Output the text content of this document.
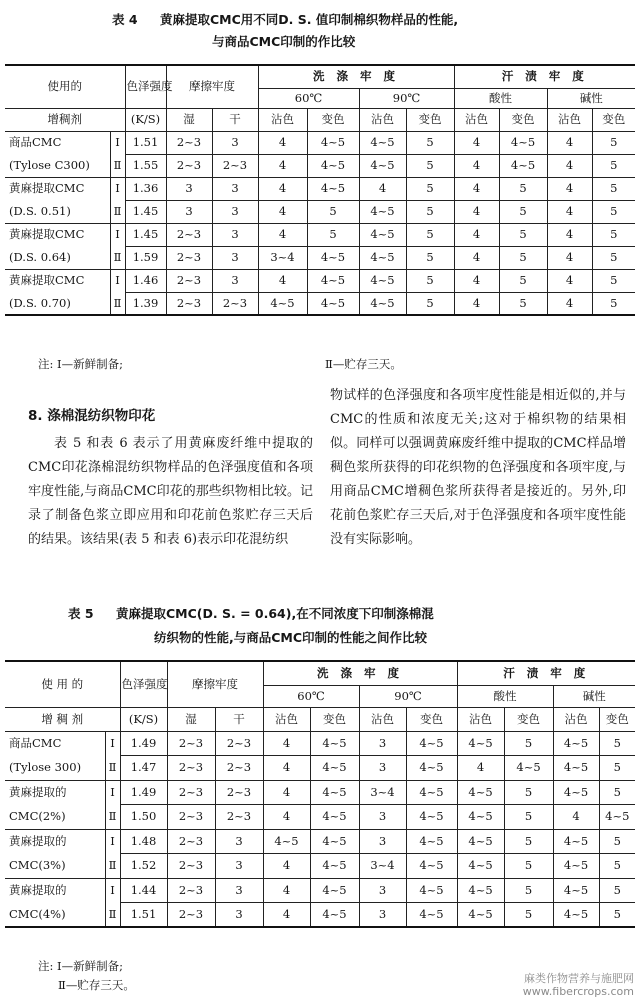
表 4 黄麻提取CMC用不同D. S. 值印制棉织物样品的性能,
与商品CMC印制的作比较
使用的		色泽强度	摩擦牢度		洗 涤 牢 度				汗 渍 牢 度			
					60℃		90℃		酸性		碱性	
增稠剂		(K/S)	湿	干	沾色	变色	沾色	变色	沾色	变色	沾色	变色
商品CMC	Ⅰ	1.51	2~3	3	4	4~5	4~5	5	4	4~5	4	5
(Tylose C300)	Ⅱ	1.55	2~3	2~3	4	4~5	4~5	5	4	4~5	4	5
黄麻提取CMC	Ⅰ	1.36	3	3	4	4~5	4	5	4	5	4	5
(D.S. 0.51)	Ⅱ	1.45	3	3	4	5	4~5	5	4	5	4	5
黄麻提取CMC	Ⅰ	1.45	2~3	3	4	5	4~5	5	4	5	4	5
(D.S. 0.64)	Ⅱ	1.59	2~3	3	3~4	4~5	4~5	5	4	5	4	5
黄麻提取CMC	Ⅰ	1.46	2~3	3	4	4~5	4~5	5	4	5	4	5
(D.S. 0.70)	Ⅱ	1.39	2~3	2~3	4~5	4~5	4~5	5	4	5	4	5
注: Ⅰ—新鲜制备;	Ⅱ—贮存三天。
8. 涤棉混纺织物印花
表 5 和表 6 表示了用黄麻废纤维中提取的CMC印花涤棉混纺织物样品的色泽强度值和各项牢度性能,与商品CMC印花的那些织物相比较。记录了制备色浆立即应用和印花前色浆贮存三天后的结果。该结果(表 5 和表 6)表示印花混纺织
物试样的色泽强度和各项牢度性能是相近似的,并与CMC的性质和浓度无关;这对于棉织物的结果相似。同样可以强调黄麻废纤维中提取的CMC样品增稠色浆所获得的印花织物的色泽强度和各项牢度,与用商品CMC增稠色浆所获得者是接近的。另外,印花前色浆贮存三天后,对于色泽强度和各项牢度性能没有实际影响。
表 5 黄麻提取CMC(D. S. = 0.64),在不同浓度下印制涤棉混
纺织物的性能,与商品CMC印制的性能之间作比较
使 用 的		色泽强度	摩擦牢度		洗 涤 牢 度				汗 渍 牢 度			
					60℃		90℃		酸性		碱性	
增 稠 剂		(K/S)	湿	干	沾色	变色	沾色	变色	沾色	变色	沾色	变色
商品CMC	Ⅰ	1.49	2~3	2~3	4	4~5	3	4~5	4~5	5	4~5	5
(Tylose 300)	Ⅱ	1.47	2~3	2~3	4	4~5	3	4~5	4	4~5	4~5	5
黄麻提取的	Ⅰ	1.49	2~3	2~3	4	4~5	3~4	4~5	4~5	5	4~5	5
CMC(2%)	Ⅱ	1.50	2~3	2~3	4	4~5	3	4~5	4~5	5	4	4~5
黄麻提取的	Ⅰ	1.48	2~3	3	4~5	4~5	3	4~5	4~5	5	4~5	5
CMC(3%)	Ⅱ	1.52	2~3	3	4	4~5	3~4	4~5	4~5	5	4~5	5
黄麻提取的	Ⅰ	1.44	2~3	3	4	4~5	3	4~5	4~5	5	4~5	5
CMC(4%)	Ⅱ	1.51	2~3	3	4	4~5	3	4~5	4~5	5	4~5	5
注: Ⅰ—新鲜制备;
Ⅱ—贮存三天。	麻类作物营养与施肥网
www.fibercrops.com
